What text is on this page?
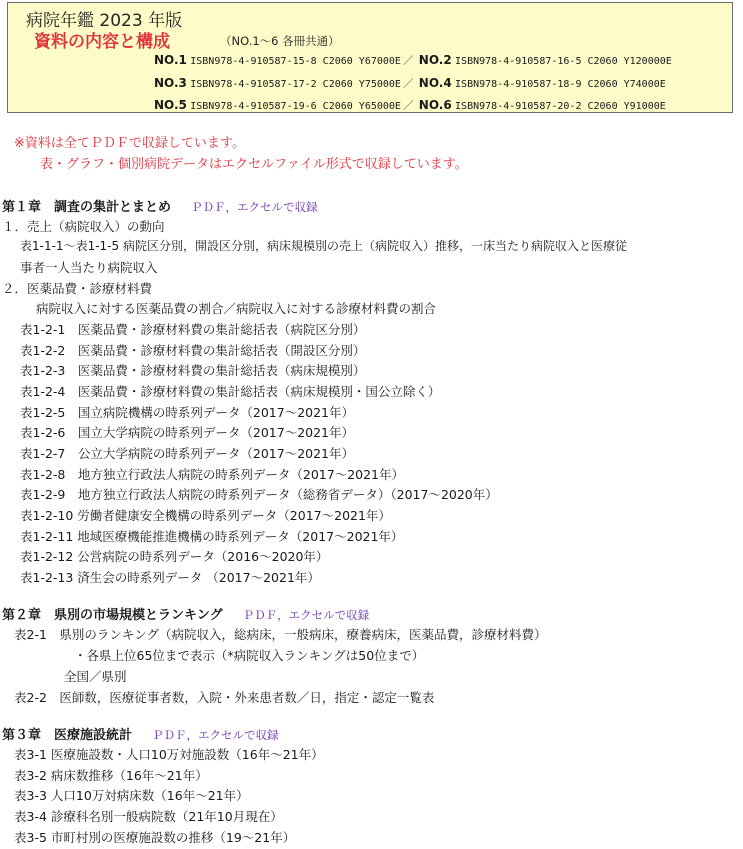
病院年鑑 2023 年版
資料の内容と構成	（NO.1～6 各冊共通）
NO.1 ISBN978-4-910587-15-8 C2060 Y67000E ／ NO.2 ISBN978-4-910587-16-5 C2060 Y120000E
NO.3 ISBN978-4-910587-17-2 C2060 Y75000E ／ NO.4 ISBN978-4-910587-18-9 C2060 Y74000E
NO.5 ISBN978-4-910587-19-6 C2060 Y65000E ／ NO.6 ISBN978-4-910587-20-2 C2060 Y91000E
※資料は全てＰＤＦで収録しています。
表・グラフ・個別病院データはエクセルファイル形式で収録しています。
第１章　調査の集計とまとめ ＰＤＦ，エクセルで収録
１．売上（病院収入）の動向
表1-1-1～表1-1-5 病院区分別，開設区分別，病床規模別の売上（病院収入）推移，一床当たり病院収入と医療従
事者一人当たり病院収入
２．医薬品費・診療材料費
病院収入に対する医薬品費の割合／病院収入に対する診療材料費の割合
表1-2-1　医薬品費・診療材料費の集計総括表（病院区分別）
表1-2-2　医薬品費・診療材料費の集計総括表（開設区分別）
表1-2-3　医薬品費・診療材料費の集計総括表（病床規模別）
表1-2-4　医薬品費・診療材料費の集計総括表（病床規模別・国公立除く）
表1-2-5　国立病院機構の時系列データ（2017～2021年）
表1-2-6　国立大学病院の時系列データ（2017～2021年）
表1-2-7　公立大学病院の時系列データ（2017～2021年）
表1-2-8　地方独立行政法人病院の時系列データ（2017～2021年）
表1-2-9　地方独立行政法人病院の時系列データ（総務省データ）（2017～2020年）
表1-2-10 労働者健康安全機構の時系列データ（2017～2021年）
表1-2-11 地域医療機能推進機構の時系列データ（2017～2021年）
表1-2-12 公営病院の時系列データ（2016～2020年）
表1-2-13 済生会の時系列データ （2017～2021年）
第２章　県別の市場規模とランキング ＰＤＦ，エクセルで収録
表2-1　県別のランキング（病院収入，総病床，一般病床，療養病床，医薬品費，診療材料費）
・各県上位65位まで表示（*病院収入ランキングは50位まで）
全国／県別
表2-2　医師数，医療従事者数，入院・外来患者数／日，指定・認定一覧表
第３章　医療施設統計 ＰＤＦ，エクセルで収録
表3-1 医療施設数・人口10万対施設数（16年～21年）
表3-2 病床数推移（16年～21年）
表3-3 人口10万対病床数（16年～21年）
表3-4 診療科名別一般病院数（21年10月現在）
表3-5 市町村別の医療施設数の推移（19～21年）
